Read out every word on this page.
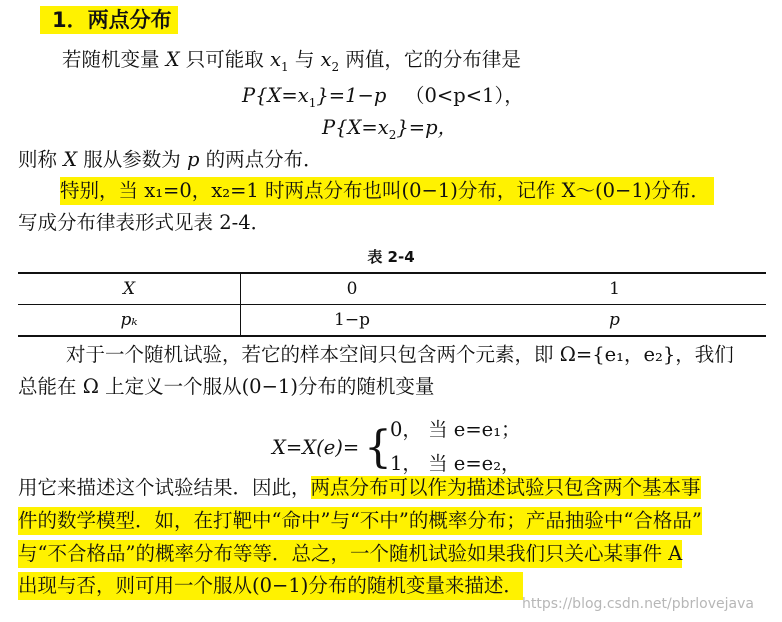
1．两点分布
若随机变量 X 只可能取 $x_1$ 与 $x_2$ 两值，它的分布律是
$P\{X=x_1\}=1-p$ （0<p<1），
$P\{X=x_2\}=p$，
则称 X 服从参数为 p 的两点分布．
特别，当 x₁=0，x₂=1 时两点分布也叫(0−1)分布，记作 X～(0−1)分布．
写成分布律表形式见表 2-4．
表 2-4
X	0	1
pₖ	1−p	p
对于一个随机试验，若它的样本空间只包含两个元素，即 Ω={e₁，e₂}，我们
总能在 Ω 上定义一个服从(0−1)分布的随机变量
X=X(e)= {
0， 当 e=e₁；
1， 当 e=e₂，
用它来描述这个试验结果．因此，两点分布可以作为描述试验只包含两个基本事
件的数学模型．如，在打靶中“命中”与“不中”的概率分布；产品抽验中“合格品”
与“不合格品”的概率分布等等．总之，一个随机试验如果我们只关心某事件 A
出现与否，则可用一个服从(0−1)分布的随机变量来描述．
https://blog.csdn.net/pbrlovejava
